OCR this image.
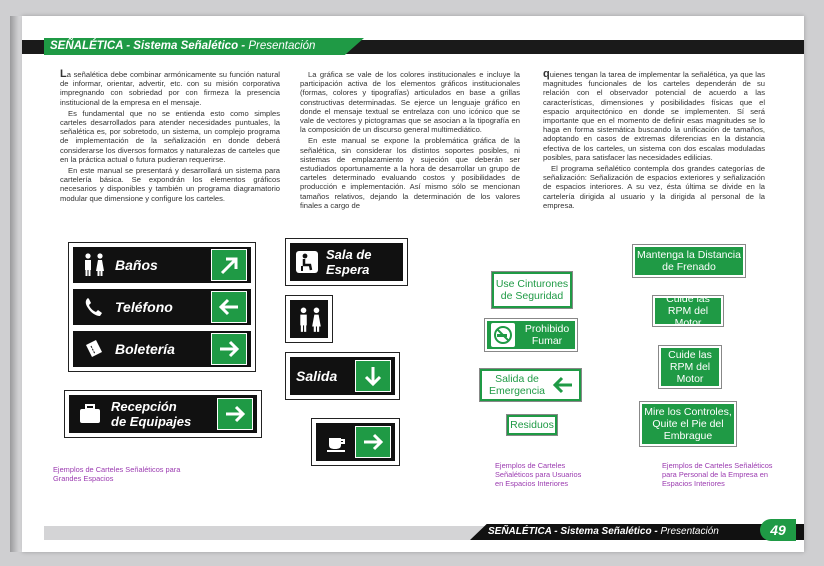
SEÑALÉTICA - Sistema Señalético - Presentación

La señalética debe combinar armónicamente su función natural de informar, orientar, advertir, etc. con su misión corporativa impregnando con sobriedad por con firmeza la presencia institucional de la empresa en el mensaje.

Es fundamental que no se entienda esto como simples carteles desarrollados para atender necesidades puntuales, la señalética es, por sobretodo, un sistema, un complejo programa de implementación de la señalización en donde deberá considerarse los diversos formatos y naturalezas de carteles que en la práctica actual o futura pudieran requerirse.

En este manual se presentará y desarrollará un sistema para cartelería básica. Se expondrán los elementos gráficos necesarios y disponibles y también un programa diagramatorio modular que dimensione y configure los carteles.

La gráfica se vale de los colores institucionales e incluye la participación activa de los elementos gráficos institucionales (formas, colores y tipografías) articulados en base a grillas constructivas determinadas. Se ejerce un lenguaje gráfico en donde el mensaje textual se entrelaza con uno icónico que se vale de vectores y pictogramas que se asocian a la tipografía en la composición de un discurso general multimediático.

En este manual se expone la problemática gráfica de la señalética, sin considerar los distintos soportes posibles, ni sistemas de emplazamiento y sujeción que deberán ser estudiados oportunamente a la hora de desarrollar un grupo de carteles determinado evaluando costos y posibilidades de producción e implementación. Así mismo sólo se mencionan tamaños relativos, dejando la determinación de los valores finales a cargo de

quienes tengan la tarea de implementar la señalética, ya que las magnitudes funcionales de los carteles dependerán de su relación con el observador potencial de acuerdo a las características, dimensiones y posibilidades físicas que el espacio arquitectónico en donde se implementen. Sí será importante que en el momento de definir esas magnitudes se lo haga en forma sistemática buscando la unificación de tamaños, adoptando en casos de extremas diferencias en la distancia efectiva de los carteles, un sistema con dos escalas moduladas posibles, para satisfacer las necesidades edilicias.

El programa señalético contempla dos grandes categorías de señalización: Señalización de espacios exteriores y señalización de espacios interiores. A su vez, ésta última se divide en la cartelería dirigida al usuario y la dirigida al personal de la empresa.

Baños
Teléfono
Boletería
Recepción
de Equipajes
Sala de
Espera
Salida
Use Cinturones de Seguridad
Prohibido Fumar
Salida de Emergencia
Residuos
Mantenga la Distancia de Frenado
Cuide las RPM del Motor
Cuide las RPM del Motor
Mire los Controles, Quite el Pie del Embrague
Ejemplos de Carteles Señaléticos para Grandes Espacios
Ejemplos de Carteles Señaléticos para Usuarios en Espacios Interiores
Ejemplos de Carteles Señaléticos para Personal de la Empresa en Espacios Interiores
SEÑALÉTICA - Sistema Señalético - Presentación	49
